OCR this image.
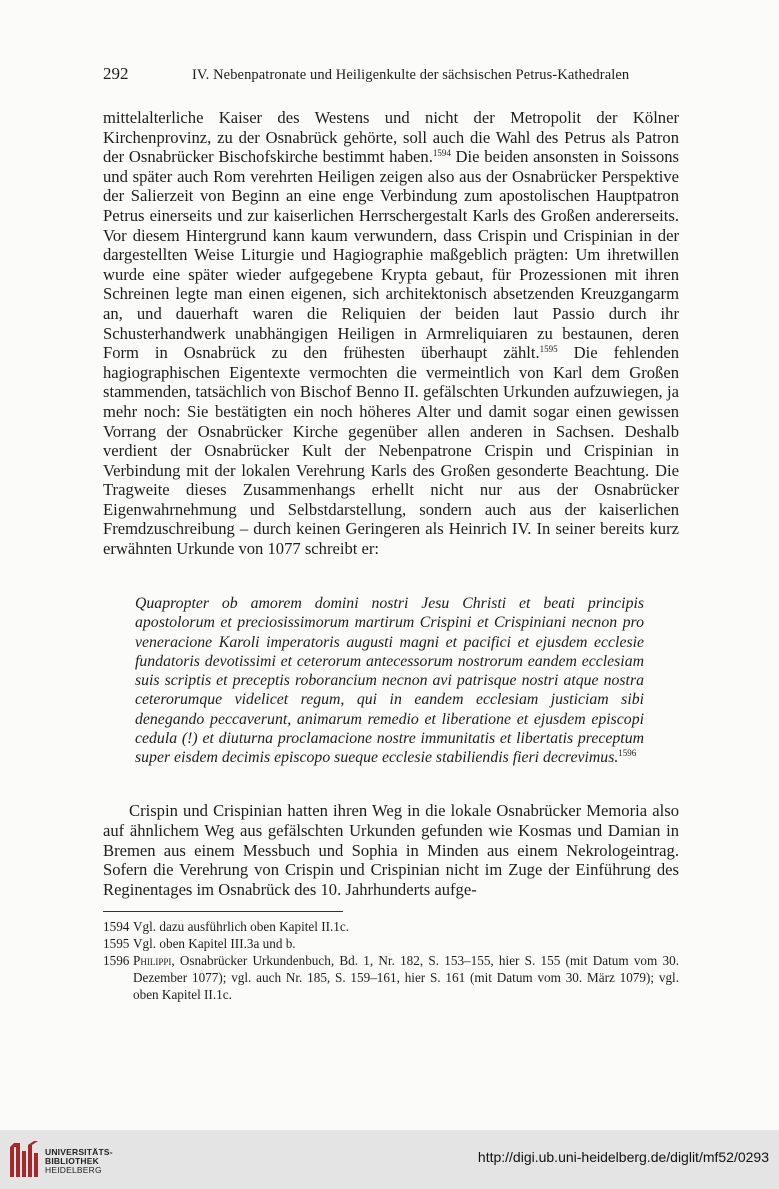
292	IV. Nebenpatronate und Heiligenkulte der sächsischen Petrus-Kathedralen

mittelalterliche Kaiser des Westens und nicht der Metropolit der Kölner Kirchenprovinz, zu der Osnabrück gehörte, soll auch die Wahl des Petrus als Patron der Osnabrücker Bischofskirche bestimmt haben.$^{1594}$ Die beiden ansonsten in Soissons und später auch Rom verehrten Heiligen zeigen also aus der Osnabrücker Perspektive der Salierzeit von Beginn an eine enge Verbindung zum apostolischen Hauptpatron Petrus einerseits und zur kaiserlichen Herrschergestalt Karls des Großen andererseits. Vor diesem Hintergrund kann kaum verwundern, dass Crispin und Crispinian in der dargestellten Weise Liturgie und Hagiographie maßgeblich prägten: Um ihretwillen wurde eine später wieder aufgegebene Krypta gebaut, für Prozessionen mit ihren Schreinen legte man einen eigenen, sich architektonisch absetzenden Kreuzgangarm an, und dauerhaft waren die Reliquien der beiden laut Passio durch ihr Schusterhandwerk unabhängigen Heiligen in Armreliquiaren zu bestaunen, deren Form in Osnabrück zu den frühesten überhaupt zählt.$^{1595}$ Die fehlenden hagiographischen Eigentexte vermochten die vermeintlich von Karl dem Großen stammenden, tatsächlich von Bischof Benno II. gefälschten Urkunden aufzuwiegen, ja mehr noch: Sie bestätigten ein noch höheres Alter und damit sogar einen gewissen Vorrang der Osnabrücker Kirche gegenüber allen anderen in Sachsen. Deshalb verdient der Osnabrücker Kult der Nebenpatrone Crispin und Crispinian in Verbindung mit der lokalen Verehrung Karls des Großen gesonderte Beachtung. Die Tragweite dieses Zusammenhangs erhellt nicht nur aus der Osnabrücker Eigenwahrnehmung und Selbstdarstellung, sondern auch aus der kaiserlichen Fremdzuschreibung – durch keinen Geringeren als Heinrich IV. In seiner bereits kurz erwähnten Urkunde von 1077 schreibt er:

Quapropter ob amorem domini nostri Jesu Christi et beati principis apostolorum et preciosissimorum martirum Crispini et Crispiniani necnon pro veneracione Karoli imperatoris augusti magni et pacifici et ejusdem ecclesie fundatoris devotissimi et ceterorum antecessorum nostrorum eandem ecclesiam suis scriptis et preceptis roborancium necnon avi patrisque nostri atque nostra ceterorumque videlicet regum, qui in eandem ecclesiam justiciam sibi denegando peccaverunt, animarum remedio et liberatione et ejusdem episcopi cedula (!) et diuturna proclamacione nostre immunitatis et libertatis preceptum super eisdem decimis episcopo sueque ecclesie stabiliendis fieri decrevimus.$^{1596}$

Crispin und Crispinian hatten ihren Weg in die lokale Osnabrücker Memoria also auf ähnlichem Weg aus gefälschten Urkunden gefunden wie Kosmas und Damian in Bremen aus einem Messbuch und Sophia in Minden aus einem Nekrologeintrag. Sofern die Verehrung von Crispin und Crispinian nicht im Zuge der Einführung des Reginentages im Osnabrück des 10. Jahrhunderts aufge-

1594 Vgl. dazu ausführlich oben Kapitel II.1c.
1595 Vgl. oben Kapitel III.3a und b.
1596 Philippi, Osnabrücker Urkundenbuch, Bd. 1, Nr. 182, S. 153–155, hier S. 155 (mit Datum vom 30. Dezember 1077); vgl. auch Nr. 185, S. 159–161, hier S. 161 (mit Datum vom 30. März 1079); vgl. oben Kapitel II.1c.
UNIVERSITÄTS-
BIBLIOTHEK
HEIDELBERG
http://digi.ub.uni-heidelberg.de/diglit/mf52/0293
